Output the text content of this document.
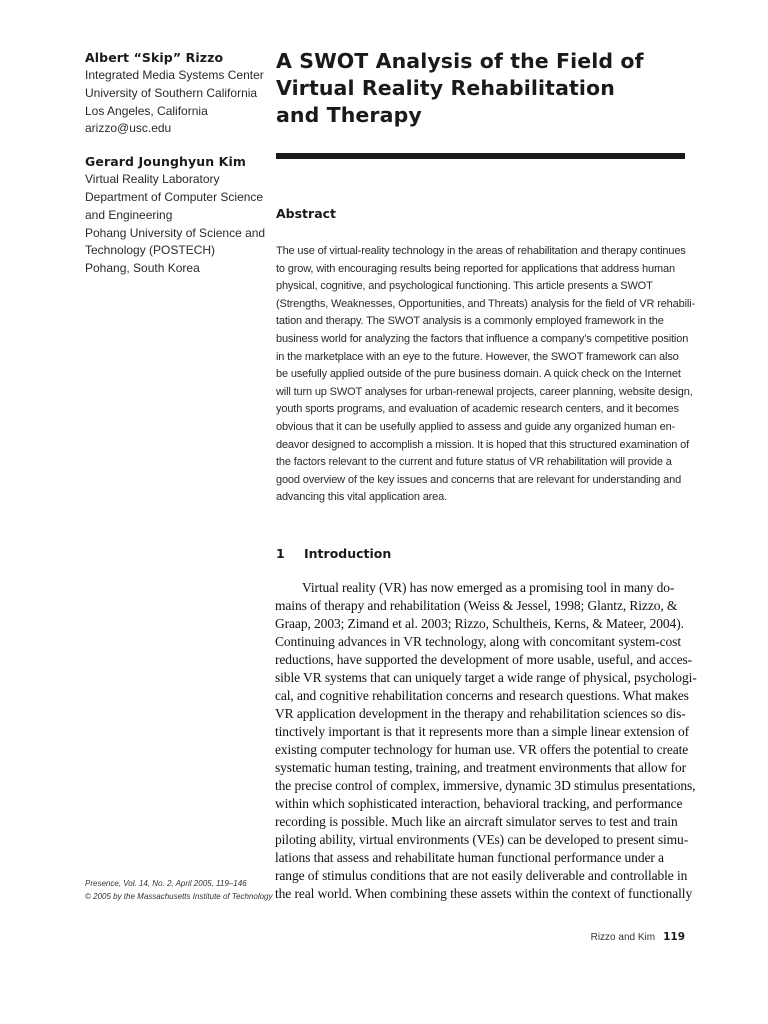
Albert “Skip” Rizzo
Integrated Media Systems Center
University of Southern California
Los Angeles, California
arizzo@usc.edu
Gerard Jounghyun Kim
Virtual Reality Laboratory
Department of Computer Science
and Engineering
Pohang University of Science and
Technology (POSTECH)
Pohang, South Korea
A SWOT Analysis of the Field of
Virtual Reality Rehabilitation
and Therapy
Abstract
The use of virtual-reality technology in the areas of rehabilitation and therapy continues
to grow, with encouraging results being reported for applications that address human
physical, cognitive, and psychological functioning. This article presents a SWOT
(Strengths, Weaknesses, Opportunities, and Threats) analysis for the field of VR rehabili-
tation and therapy. The SWOT analysis is a commonly employed framework in the
business world for analyzing the factors that influence a company’s competitive position
in the marketplace with an eye to the future. However, the SWOT framework can also
be usefully applied outside of the pure business domain. A quick check on the Internet
will turn up SWOT analyses for urban-renewal projects, career planning, website design,
youth sports programs, and evaluation of academic research centers, and it becomes
obvious that it can be usefully applied to assess and guide any organized human en-
deavor designed to accomplish a mission. It is hoped that this structured examination of
the factors relevant to the current and future status of VR rehabilitation will provide a
good overview of the key issues and concerns that are relevant for understanding and
advancing this vital application area.
1 Introduction
Virtual reality (VR) has now emerged as a promising tool in many do-
mains of therapy and rehabilitation (Weiss & Jessel, 1998; Glantz, Rizzo, &
Graap, 2003; Zimand et al. 2003; Rizzo, Schultheis, Kerns, & Mateer, 2004).
Continuing advances in VR technology, along with concomitant system-cost
reductions, have supported the development of more usable, useful, and acces-
sible VR systems that can uniquely target a wide range of physical, psychologi-
cal, and cognitive rehabilitation concerns and research questions. What makes
VR application development in the therapy and rehabilitation sciences so dis-
tinctively important is that it represents more than a simple linear extension of
existing computer technology for human use. VR offers the potential to create
systematic human testing, training, and treatment environments that allow for
the precise control of complex, immersive, dynamic 3D stimulus presentations,
within which sophisticated interaction, behavioral tracking, and performance
recording is possible. Much like an aircraft simulator serves to test and train
piloting ability, virtual environments (VEs) can be developed to present simu-
lations that assess and rehabilitate human functional performance under a
range of stimulus conditions that are not easily deliverable and controllable in
the real world. When combining these assets within the context of functionally
Presence, Vol. 14, No. 2, April 2005, 119–146
© 2005 by the Massachusetts Institute of Technology
Rizzo and Kim 119
